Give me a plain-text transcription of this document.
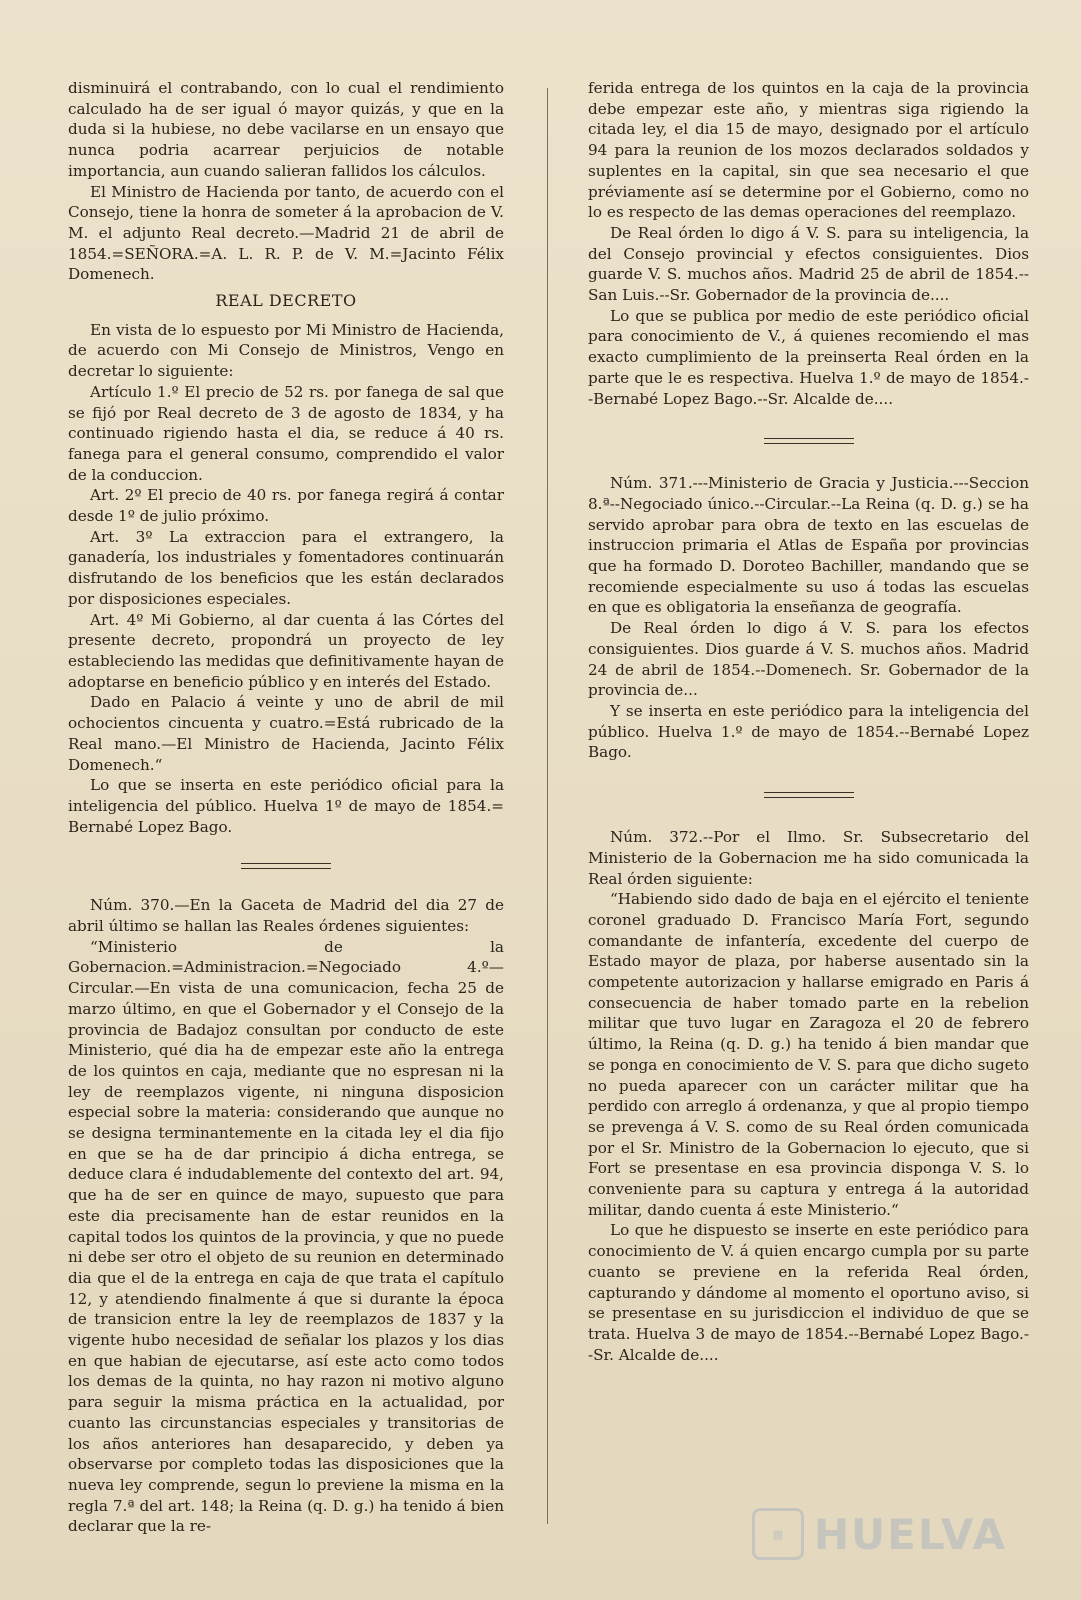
disminuirá el contrabando, con lo cual el rendimiento calculado ha de ser igual ó mayor quizás, y que en la duda si la hubiese, no debe vacilarse en un ensayo que nunca podria acarrear perjuicios de notable importancia, aun cuando salieran fallidos los cálculos.

El Ministro de Hacienda por tanto, de acuerdo con el Consejo, tiene la honra de someter á la aprobacion de V. M. el adjunto Real decreto.—Madrid 21 de abril de 1854.=SEÑORA.=A. L. R. P. de V. M.=Jacinto Félix Domenech.

REAL DECRETO

En vista de lo espuesto por Mi Ministro de Hacienda, de acuerdo con Mi Consejo de Ministros, Vengo en decretar lo siguiente:

Artículo 1.º El precio de 52 rs. por fanega de sal que se fijó por Real decreto de 3 de agosto de 1834, y ha continuado rigiendo hasta el dia, se reduce á 40 rs. fanega para el general consumo, comprendido el valor de la conduccion.

Art. 2º El precio de 40 rs. por fanega regirá á contar desde 1º de julio próximo.

Art. 3º La extraccion para el extrangero, la ganadería, los industriales y fomentadores continuarán disfrutando de los beneficios que les están declarados por disposiciones especiales.

Art. 4º Mi Gobierno, al dar cuenta á las Córtes del presente decreto, propondrá un proyecto de ley estableciendo las medidas que definitivamente hayan de adoptarse en beneficio público y en interés del Estado.

Dado en Palacio á veinte y uno de abril de mil ochocientos cincuenta y cuatro.=Está rubricado de la Real mano.—El Ministro de Hacienda, Jacinto Félix Domenech.“

Lo que se inserta en este periódico oficial para la inteligencia del público. Huelva 1º de mayo de 1854.= Bernabé Lopez Bago.

Núm. 370.—En la Gaceta de Madrid del dia 27 de abril último se hallan las Reales órdenes siguientes:

“Ministerio de la Gobernacion.=Administracion.=Negociado 4.º—Circular.—En vista de una comunicacion, fecha 25 de marzo último, en que el Gobernador y el Consejo de la provincia de Badajoz consultan por conducto de este Ministerio, qué dia ha de empezar este año la entrega de los quintos en caja, mediante que no espresan ni la ley de reemplazos vigente, ni ninguna disposicion especial sobre la materia: considerando que aunque no se designa terminantemente en la citada ley el dia fijo en que se ha de dar principio á dicha entrega, se deduce clara é indudablemente del contexto del art. 94, que ha de ser en quince de mayo, supuesto que para este dia precisamente han de estar reunidos en la capital todos los quintos de la provincia, y que no puede ni debe ser otro el objeto de su reunion en determinado dia que el de la entrega en caja de que trata el capítulo 12, y atendiendo finalmente á que si durante la época de transicion entre la ley de reemplazos de 1837 y la vigente hubo necesidad de señalar los plazos y los dias en que habian de ejecutarse, así este acto como todos los demas de la quinta, no hay razon ni motivo alguno para seguir la misma práctica en la actualidad, por cuanto las circunstancias especiales y transitorias de los años anteriores han desaparecido, y deben ya observarse por completo todas las disposiciones que la nueva ley comprende, segun lo previene la misma en la regla 7.ª del art. 148; la Reina (q. D. g.) ha tenido á bien declarar que la re-

ferida entrega de los quintos en la caja de la provincia debe empezar este año, y mientras siga rigiendo la citada ley, el dia 15 de mayo, designado por el artículo 94 para la reunion de los mozos declarados soldados y suplentes en la capital, sin que sea necesario el que préviamente así se determine por el Gobierno, como no lo es respecto de las demas operaciones del reemplazo.

De Real órden lo digo á V. S. para su inteligencia, la del Consejo provincial y efectos consiguientes. Dios guarde V. S. muchos años. Madrid 25 de abril de 1854.--San Luis.--Sr. Gobernador de la provincia de....

Lo que se publica por medio de este periódico oficial para conocimiento de V., á quienes recomiendo el mas exacto cumplimiento de la preinserta Real órden en la parte que le es respectiva. Huelva 1.º de mayo de 1854.--Bernabé Lopez Bago.--Sr. Alcalde de....

Núm. 371.---Ministerio de Gracia y Justicia.---Seccion 8.ª--Negociado único.--Circular.--La Reina (q. D. g.) se ha servido aprobar para obra de texto en las escuelas de instruccion primaria el Atlas de España por provincias que ha formado D. Doroteo Bachiller, mandando que se recomiende especialmente su uso á todas las escuelas en que es obligatoria la enseñanza de geografía.

De Real órden lo digo á V. S. para los efectos consiguientes. Dios guarde á V. S. muchos años. Madrid 24 de abril de 1854.--Domenech. Sr. Gobernador de la provincia de...

Y se inserta en este periódico para la inteligencia del público. Huelva 1.º de mayo de 1854.--Bernabé Lopez Bago.

Núm. 372.--Por el Ilmo. Sr. Subsecretario del Ministerio de la Gobernacion me ha sido comunicada la Real órden siguiente:

“Habiendo sido dado de baja en el ejército el teniente coronel graduado D. Francisco María Fort, segundo comandante de infantería, excedente del cuerpo de Estado mayor de plaza, por haberse ausentado sin la competente autorizacion y hallarse emigrado en Paris á consecuencia de haber tomado parte en la rebelion militar que tuvo lugar en Zaragoza el 20 de febrero último, la Reina (q. D. g.) ha tenido á bien mandar que se ponga en conocimiento de V. S. para que dicho sugeto no pueda aparecer con un carácter militar que ha perdido con arreglo á ordenanza, y que al propio tiempo se prevenga á V. S. como de su Real órden comunicada por el Sr. Ministro de la Gobernacion lo ejecuto, que si Fort se presentase en esa provincia disponga V. S. lo conveniente para su captura y entrega á la autoridad militar, dando cuenta á este Ministerio.“

Lo que he dispuesto se inserte en este periódico para conocimiento de V. á quien encargo cumpla por su parte cuanto se previene en la referida Real órden, capturando y dándome al momento el oportuno aviso, si se presentase en su jurisdiccion el individuo de que se trata. Huelva 3 de mayo de 1854.--Bernabé Lopez Bago.--Sr. Alcalde de....

▦ HUELVA
